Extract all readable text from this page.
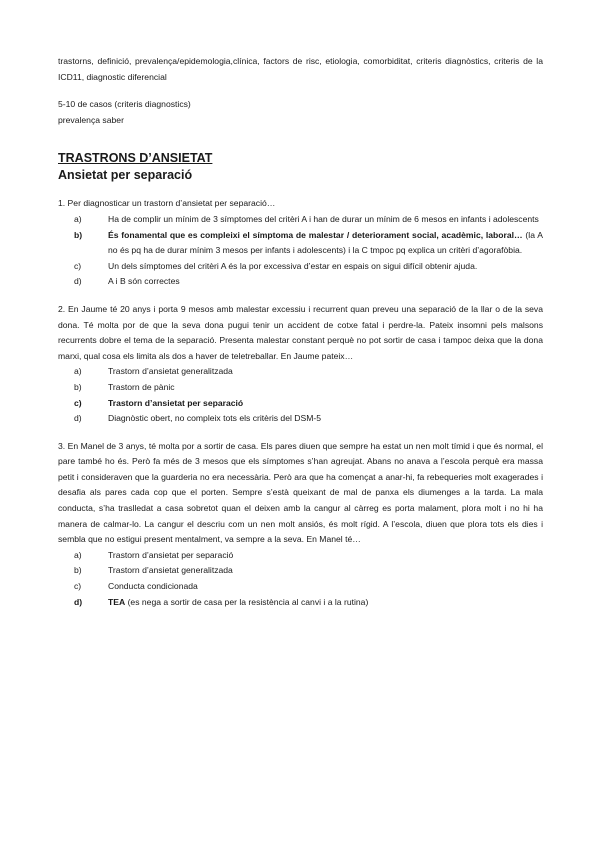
trastorns, definició, prevalença/epidemologia,clínica, factors de risc, etiologia, comorbiditat, criteris diagnòstics, criteris de la ICD11, diagnostic diferencial

5-10 de casos (criteris diagnostics)

prevalença saber

TRASTRONS D’ANSIETAT
Ansietat per separació

1. Per diagnosticar un trastorn d’ansietat per separació…

a)	Ha de complir un mínim de 3 símptomes del critèri A i han de durar un mínim de 6 mesos en infants i adolescents
b)	És fonamental que es compleixi el símptoma de malestar / deteriorament social, acadèmic, laboral… (la A no és pq ha de durar mínim 3 mesos per infants i adolescents) i la C tmpoc pq explica un critèri d’agorafòbia.
c)	Un dels símptomes del critèri A és la por excessiva d’estar en espais on sigui difícil obtenir ajuda.
d)	A i B són correctes

2. En Jaume té 20 anys i porta 9 mesos amb malestar excessiu i recurrent quan preveu una separació de la llar o de la seva dona. Té molta por de que la seva dona pugui tenir un accident de cotxe fatal i perdre-la. Pateix insomni pels malsons recurrents dobre el tema de la separació. Presenta malestar constant perquè no pot sortir de casa i tampoc deixa que la dona marxi, qual cosa els limita als dos a haver de teletreballar. En Jaume pateix…

a)	Trastorn d’ansietat generalitzada
b)	Trastorn de pànic
c)	Trastorn d’ansietat per separació
d)	Diagnòstic obert, no compleix tots els critèris del DSM-5

3. En Manel de 3 anys, té molta por a sortir de casa. Els pares diuen que sempre ha estat un nen molt tímid i que és normal, el pare també ho és. Però fa més de 3 mesos que els símptomes s’han agreujat. Abans no anava a l’escola perquè era massa petit i consideraven que la guarderia no era necessària. Però ara que ha començat a anar-hi, fa rebequeries molt exagerades i desafia als pares cada cop que el porten. Sempre s’està queixant de mal de panxa els diumenges a la tarda. La mala conducta, s’ha traslledat a casa sobretot quan el deixen amb la cangur al càrreg es porta malament, plora molt i no hi ha manera de calmar-lo. La cangur el descriu com un nen molt ansiós, és molt rígid. A l’escola, diuen que plora tots els dies i sembla que no estigui present mentalment, va sempre a la seva. En Manel té…

a)	Trastorn d’ansietat per separació
b)	Trastorn d’ansietat generalitzada
c)	Conducta condicionada
d)	TEA (es nega a sortir de casa per la resistència al canvi i a la rutina)
